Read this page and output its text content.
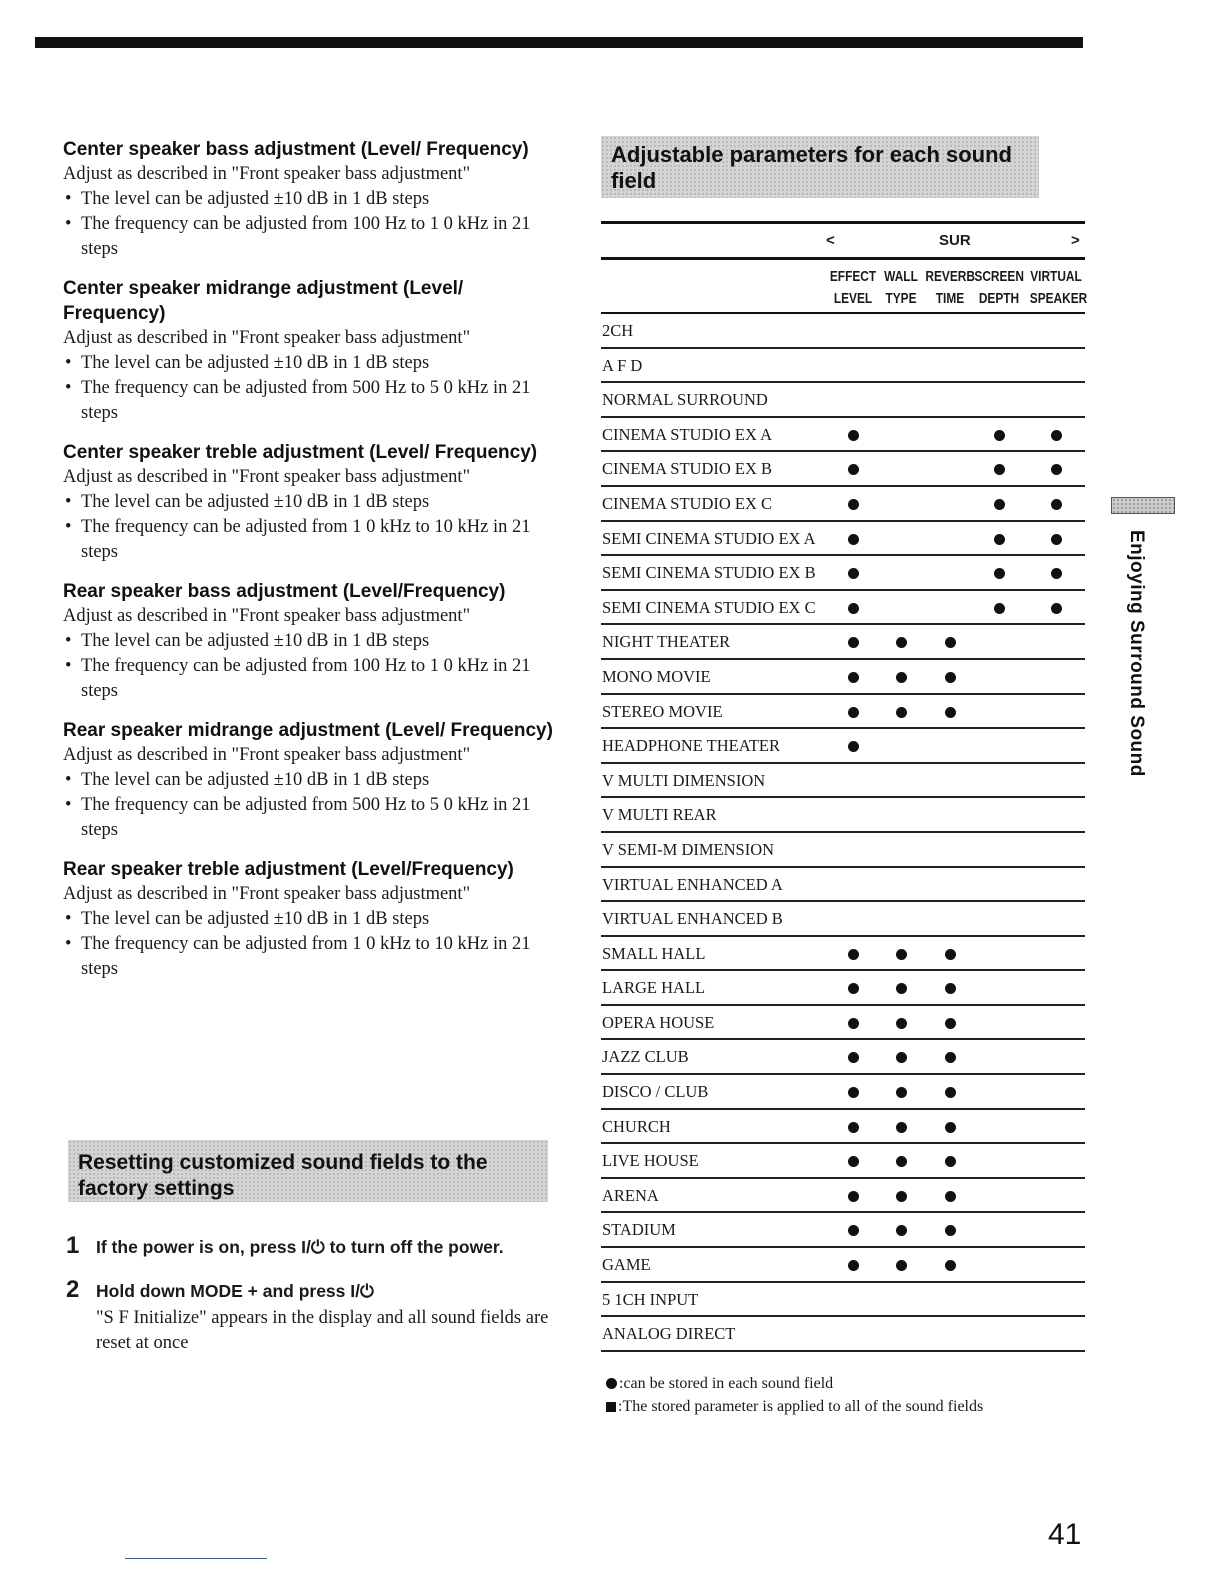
Center speaker bass adjustment (Level/ Frequency)

Adjust as described in "Front speaker bass adjustment"

• The level can be adjusted ±10 dB in 1 dB steps
• The frequency can be adjusted from 100 Hz to 1 0 kHz in 21 steps
Center speaker midrange adjustment (Level/ Frequency)

Adjust as described in "Front speaker bass adjustment"

• The level can be adjusted ±10 dB in 1 dB steps
• The frequency can be adjusted from 500 Hz to 5 0 kHz in 21 steps
Center speaker treble adjustment (Level/ Frequency)

Adjust as described in "Front speaker bass adjustment"

• The level can be adjusted ±10 dB in 1 dB steps
• The frequency can be adjusted from 1 0 kHz to 10 kHz in 21 steps
Rear speaker bass adjustment (Level/Frequency)

Adjust as described in "Front speaker bass adjustment"

• The level can be adjusted ±10 dB in 1 dB steps
• The frequency can be adjusted from 100 Hz to 1 0 kHz in 21 steps
Rear speaker midrange adjustment (Level/ Frequency)

Adjust as described in "Front speaker bass adjustment"

• The level can be adjusted ±10 dB in 1 dB steps
• The frequency can be adjusted from 500 Hz to 5 0 kHz in 21 steps
Rear speaker treble adjustment (Level/Frequency)

Adjust as described in "Front speaker bass adjustment"

• The level can be adjusted ±10 dB in 1 dB steps
• The frequency can be adjusted from 1 0 kHz to 10 kHz in 21 steps
Resetting customized sound fields to the factory settings
1 If the power is on, press I/⏻ to turn off the power.
2 Hold down MODE + and press I/⏻
"S F Initialize" appears in the display and all sound fields are reset at once
Adjustable parameters for each sound field
<	SUR	>
EFFECT
LEVEL
WALL
TYPE
REVERB
TIME
SCREEN
DEPTH
VIRTUAL
SPEAKER
2CH
A F D
NORMAL SURROUND
CINEMA STUDIO EX A
CINEMA STUDIO EX B
CINEMA STUDIO EX C
SEMI CINEMA STUDIO EX A
SEMI CINEMA STUDIO EX B
SEMI CINEMA STUDIO EX C
NIGHT THEATER
MONO MOVIE
STEREO MOVIE
HEADPHONE THEATER
V MULTI DIMENSION
V MULTI REAR
V SEMI-M DIMENSION
VIRTUAL ENHANCED A
VIRTUAL ENHANCED B
SMALL HALL
LARGE HALL
OPERA HOUSE
JAZZ CLUB
DISCO / CLUB
CHURCH
LIVE HOUSE
ARENA
STADIUM
GAME
5 1CH INPUT
ANALOG DIRECT
:can be stored in each sound field
:The stored parameter is applied to all of the sound fields
Enjoying Surround Sound
41
